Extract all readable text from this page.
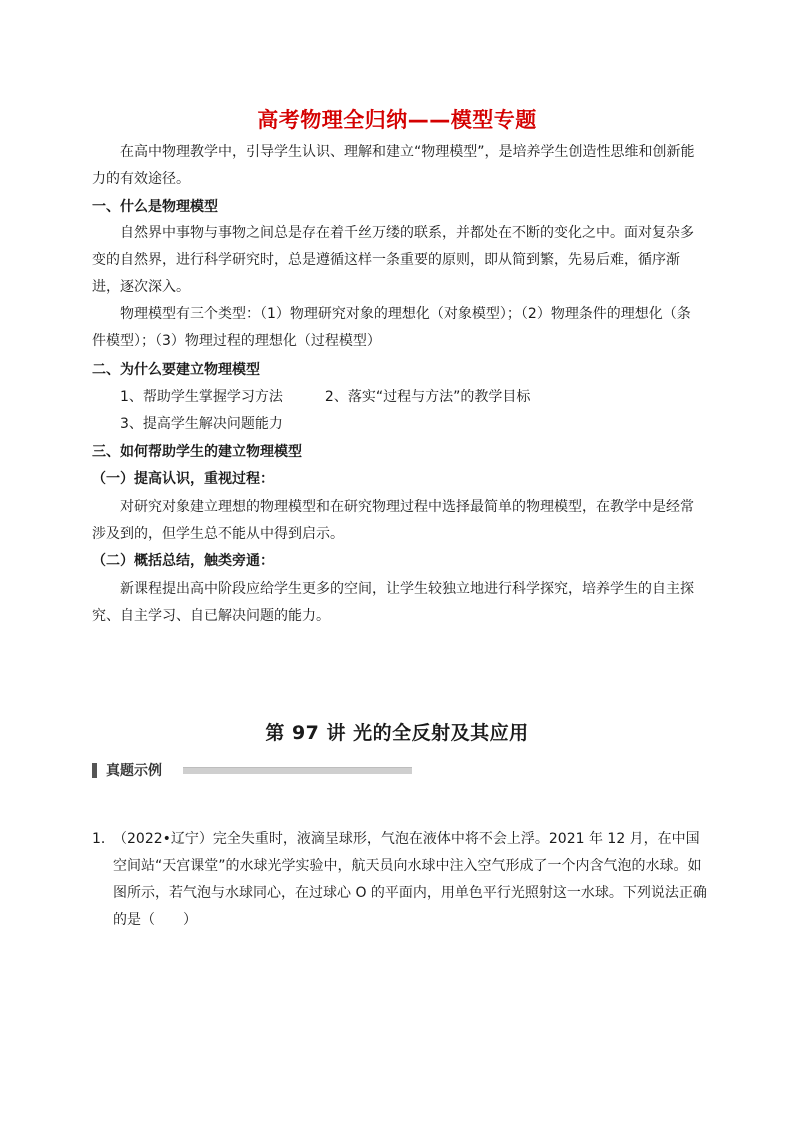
高考物理全归纳——模型专题

在高中物理教学中，引导学生认识、理解和建立“物理模型”，是培养学生创造性思维和创新能力的有效途径。

一、什么是物理模型

自然界中事物与事物之间总是存在着千丝万缕的联系，并都处在不断的变化之中。面对复杂多变的自然界，进行科学研究时，总是遵循这样一条重要的原则，即从简到繁，先易后难，循序渐进，逐次深入。

物理模型有三个类型：（1）物理研究对象的理想化（对象模型）；（2）物理条件的理想化（条件模型）；（3）物理过程的理想化（过程模型）

二、为什么要建立物理模型
1、帮助学生掌握学习方法	2、落实“过程与方法”的教学目标
3、提高学生解决问题能力
三、如何帮助学生的建立物理模型
（一）提高认识，重视过程：

对研究对象建立理想的物理模型和在研究物理过程中选择最简单的物理模型，在教学中是经常涉及到的，但学生总不能从中得到启示。

（二）概括总结，触类旁通：

新课程提出高中阶段应给学生更多的空间，让学生较独立地进行科学探究，培养学生的自主探究、自主学习、自已解决问题的能力。

第 97 讲 光的全反射及其应用
真题示例
1．
（2022•辽宁）完全失重时，液滴呈球形，气泡在液体中将不会上浮。2021 年 12 月，在中国空间站“天宫课堂”的水球光学实验中，航天员向水球中注入空气形成了一个内含气泡的水球。如图所示，若气泡与水球同心，在过球心 O 的平面内，用单色平行光照射这一水球。下列说法正确的是（　　）
